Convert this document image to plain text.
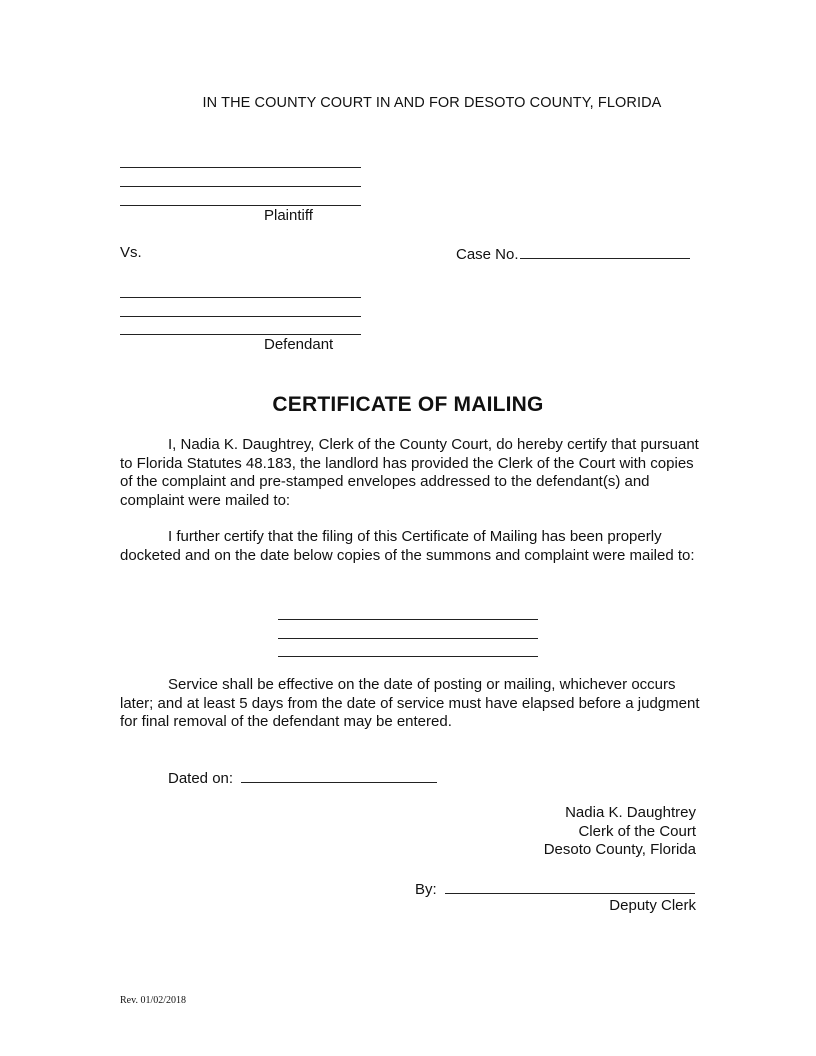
IN THE COUNTY COURT IN AND FOR DESOTO COUNTY, FLORIDA
Plaintiff
Vs.	Case No.
Defendant
CERTIFICATE OF MAILING
I, Nadia K. Daughtrey, Clerk of the County Court, do hereby certify that pursuant to Florida Statutes 48.183, the landlord has provided the Clerk of the Court with copies of the complaint and pre-stamped envelopes addressed to the defendant(s) and complaint were mailed to:
I further certify that the filing of this Certificate of Mailing has been properly docketed and on the date below copies of the summons and complaint were mailed to:
Service shall be effective on the date of posting or mailing, whichever occurs later; and at least 5 days from the date of service must have elapsed before a judgment for final removal of the defendant may be entered.
Dated on:
Nadia K. Daughtrey
Clerk of the Court
Desoto County, Florida
By:
Deputy Clerk
Rev. 01/02/2018
